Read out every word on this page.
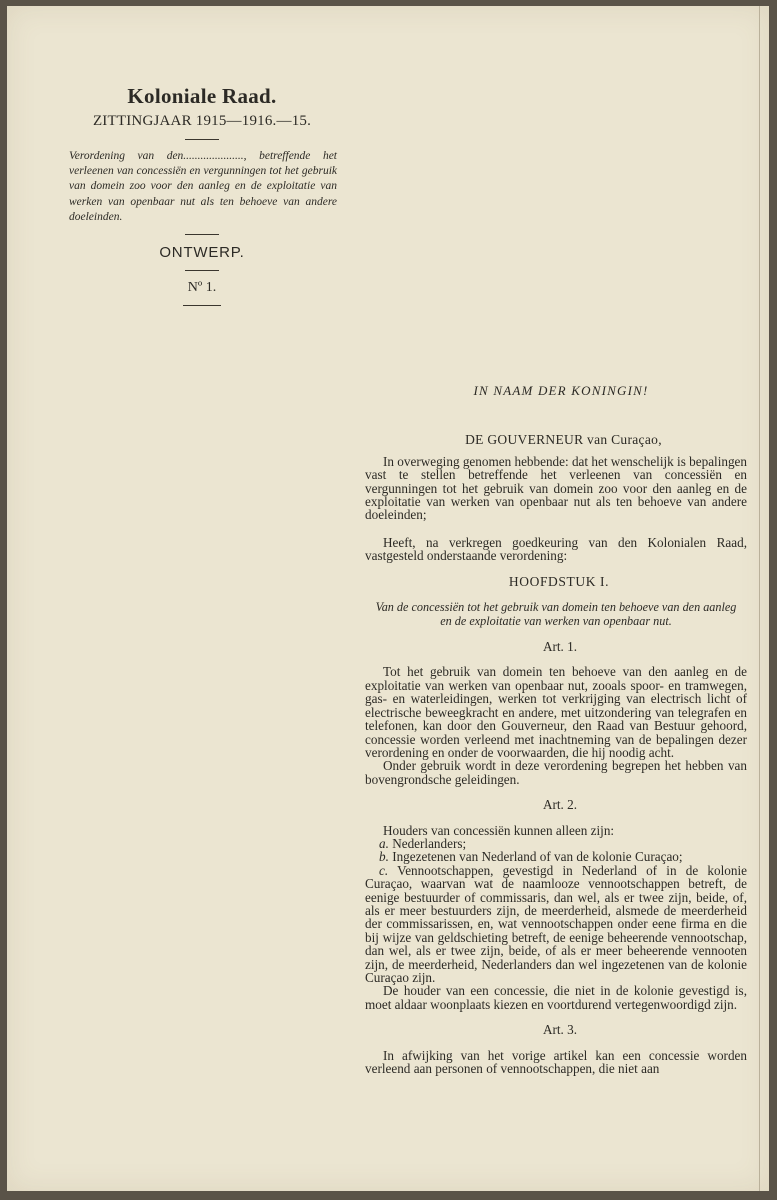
Koloniale Raad.
ZITTINGJAAR 1915—1916.—15.

Verordening van den....................., betreffende het verleenen van concessiën en vergunningen tot het gebruik van domein zoo voor den aanleg en de exploitatie van werken van openbaar nut als ten behoeve van andere doeleinden.

ONTWERP.
Nº 1.
IN NAAM DER KONINGIN!
DE GOUVERNEUR van Curaçao,

In overweging genomen hebbende: dat het wenschelijk is bepalingen vast te stellen betreffende het verleenen van concessiën en vergunningen tot het gebruik van domein zoo voor den aanleg en de exploitatie van werken van openbaar nut als ten behoeve van andere doeleinden;

Heeft, na verkregen goedkeuring van den Kolonialen Raad, vastgesteld onderstaande verordening:

HOOFDSTUK I.
Van de concessiën tot het gebruik van domein ten behoeve van den aanleg en de exploitatie van werken van openbaar nut.
Art. 1.

Tot het gebruik van domein ten behoeve van den aanleg en de exploitatie van werken van openbaar nut, zooals spoor- en tramwegen, gas- en waterleidingen, werken tot verkrijging van electrisch licht of electrische beweegkracht en andere, met uitzondering van telegrafen en telefonen, kan door den Gouverneur, den Raad van Bestuur gehoord, concessie worden verleend met inachtneming van de bepalingen dezer verordening en onder de voorwaarden, die hij noodig acht.

Onder gebruik wordt in deze verordening begrepen het hebben van bovengrondsche geleidingen.

Art. 2.

Houders van concessiën kunnen alleen zijn:

a. Nederlanders;

b. Ingezetenen van Nederland of van de kolonie Curaçao;

c. Vennootschappen, gevestigd in Nederland of in de kolonie Curaçao, waarvan wat de naamlooze vennootschappen betreft, de eenige bestuurder of commissaris, dan wel, als er twee zijn, beide, of, als er meer bestuurders zijn, de meerderheid, alsmede de meerderheid der commissarissen, en, wat vennootschappen onder eene firma en die bij wijze van geldschieting betreft, de eenige beheerende vennootschap, dan wel, als er twee zijn, beide, of als er meer beheerende vennooten zijn, de meerderheid, Nederlanders dan wel ingezetenen van de kolonie Curaçao zijn.

De houder van een concessie, die niet in de kolonie gevestigd is, moet aldaar woonplaats kiezen en voortdurend vertegenwoordigd zijn.

Art. 3.

In afwijking van het vorige artikel kan een concessie worden verleend aan personen of vennootschappen, die niet aan
